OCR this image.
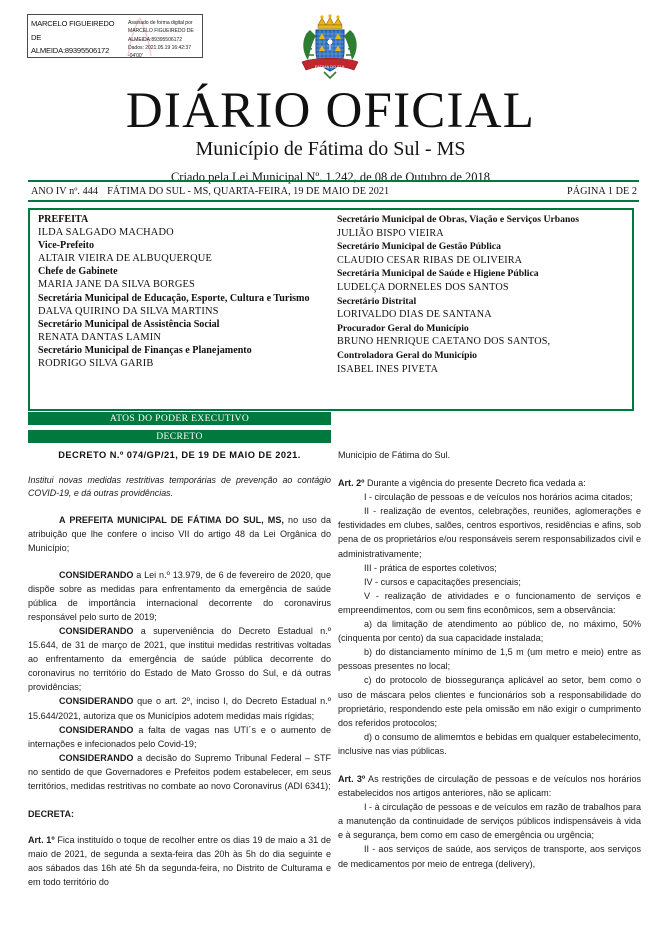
MARCELO FIGUEIREDO
DE
ALMEIDA:89395506172
Assinado de forma digital por
MARCELO FIGUEIREDO DE
ALMEIDA:89395506172
Dados: 2021.05.19 16:42:37 -04'00'
FATIMA DO SUL
DIÁRIO OFICIAL
Município de Fátima do Sul - MS
Criado pela Lei Municipal Nº. 1.242, de 08 de Outubro de 2018
ANO IV nº. 444 FÁTIMA DO SUL - MS, QUARTA-FEIRA, 19 DE MAIO DE 2021	PÁGINA 1 DE 2
PREFEITA
ILDA SALGADO MACHADO
Vice-Prefeito
ALTAIR VIEIRA DE ALBUQUERQUE
Chefe de Gabinete
MARIA JANE DA SILVA BORGES
Secretária Municipal de Educação, Esporte, Cultura e Turismo
DALVA QUIRINO DA SILVA MARTINS
Secretário Municipal de Assistência Social
RENATA DANTAS LAMIN
Secretário Municipal de Finanças e Planejamento
RODRIGO SILVA GARIB
Secretário Municipal de Obras, Viação e Serviços Urbanos
JULIÃO BISPO VIEIRA
Secretário Municipal de Gestão Pública
CLAUDIO CESAR RIBAS DE OLIVEIRA
Secretária Municipal de Saúde e Higiene Pública
LUDELÇA DORNELES DOS SANTOS
Secretário Distrital
LORIVALDO DIAS DE SANTANA
Procurador Geral do Município
BRUNO HENRIQUE CAETANO DOS SANTOS,
Controladora Geral do Município
ISABEL INES PIVETA
ATOS DO PODER EXECUTIVO
DECRETO
DECRETO N.º 074/GP/21, DE 19 DE MAIO DE 2021.
Institui novas medidas restritivas temporárias de prevenção ao contágio COVID-19, e dá outras providências.

A PREFEITA MUNICIPAL DE FÁTIMA DO SUL, MS, no uso da atribuição que lhe confere o inciso VII do artigo 48 da Lei Orgânica do Município;

CONSIDERANDO a Lei n.º 13.979, de 6 de fevereiro de 2020, que dispõe sobre as medidas para enfrentamento da emergência de saúde pública de importância internacional decorrente do coronavirus responsável pelo surto de 2019;

CONSIDERANDO a superveniência do Decreto Estadual n.º 15.644, de 31 de março de 2021, que institui medidas restritivas voltadas ao enfrentamento da emergência de saúde pública decorrente do coronavirus no território do Estado de Mato Grosso do Sul, e dá outras providências;

CONSIDERANDO que o art. 2º, inciso I, do Decreto Estadual n.º 15.644/2021, autoriza que os Municípios adotem medidas mais rígidas;

CONSIDERANDO a falta de vagas nas UTI´s e o aumento de internações e infecionados pelo Covid-19;

CONSIDERANDO a decisão do Supremo Tribunal Federal – STF no sentido de que Governadores e Prefeitos podem estabelecer, em seus territórios, medidas restritivas no combate ao novo Coronavirus (ADI 6341);

DECRETA:

Art. 1º Fica instituído o toque de recolher entre os dias 19 de maio a 31 de maio de 2021, de segunda a sexta-feira das 20h às 5h do dia seguinte e aos sábados das 16h até 5h da segunda-feira, no Distrito de Culturama e em todo território do

Município de Fátima do Sul.

Art. 2º Durante a vigência do presente Decreto fica vedada a:

I - circulação de pessoas e de veículos nos horários acima citados;

II - realização de eventos, celebrações, reuniões, aglomerações e festividades em clubes, salões, centros esportivos, residências e afins, sob pena de os proprietários e/ou responsáveis serem responsabilizados civil e administrativamente;

III - prática de esportes coletivos;

IV - cursos e capacitações presenciais;

V - realização de atividades e o funcionamento de serviços e empreendimentos, com ou sem fins econômicos, sem a observância:

a) da limitação de atendimento ao público de, no máximo, 50% (cinquenta por cento) da sua capacidade instalada;

b) do distanciamento mínimo de 1,5 m (um metro e meio) entre as pessoas presentes no local;

c) do protocolo de biossegurança aplicável ao setor, bem como o uso de máscara pelos clientes e funcionários sob a responsabilidade do proprietário, respondendo este pela omissão em não exigir o cumprimento dos referidos protocolos;

d) o consumo de alimemtos e bebidas em qualquer estabelecimento, inclusive nas vias públicas.

Art. 3º As restrições de circulação de pessoas e de veículos nos horários estabelecidos nos artigos anteriores, não se aplicam:

I - à circulação de pessoas e de veículos em razão de trabalhos para a manutenção da continuidade de serviços públicos indispensáveis à vida e à segurança, bem como em caso de emergência ou urgência;

II - aos serviços de saúde, aos serviços de transporte, aos serviços de medicamentos por meio de entrega (delivery),
